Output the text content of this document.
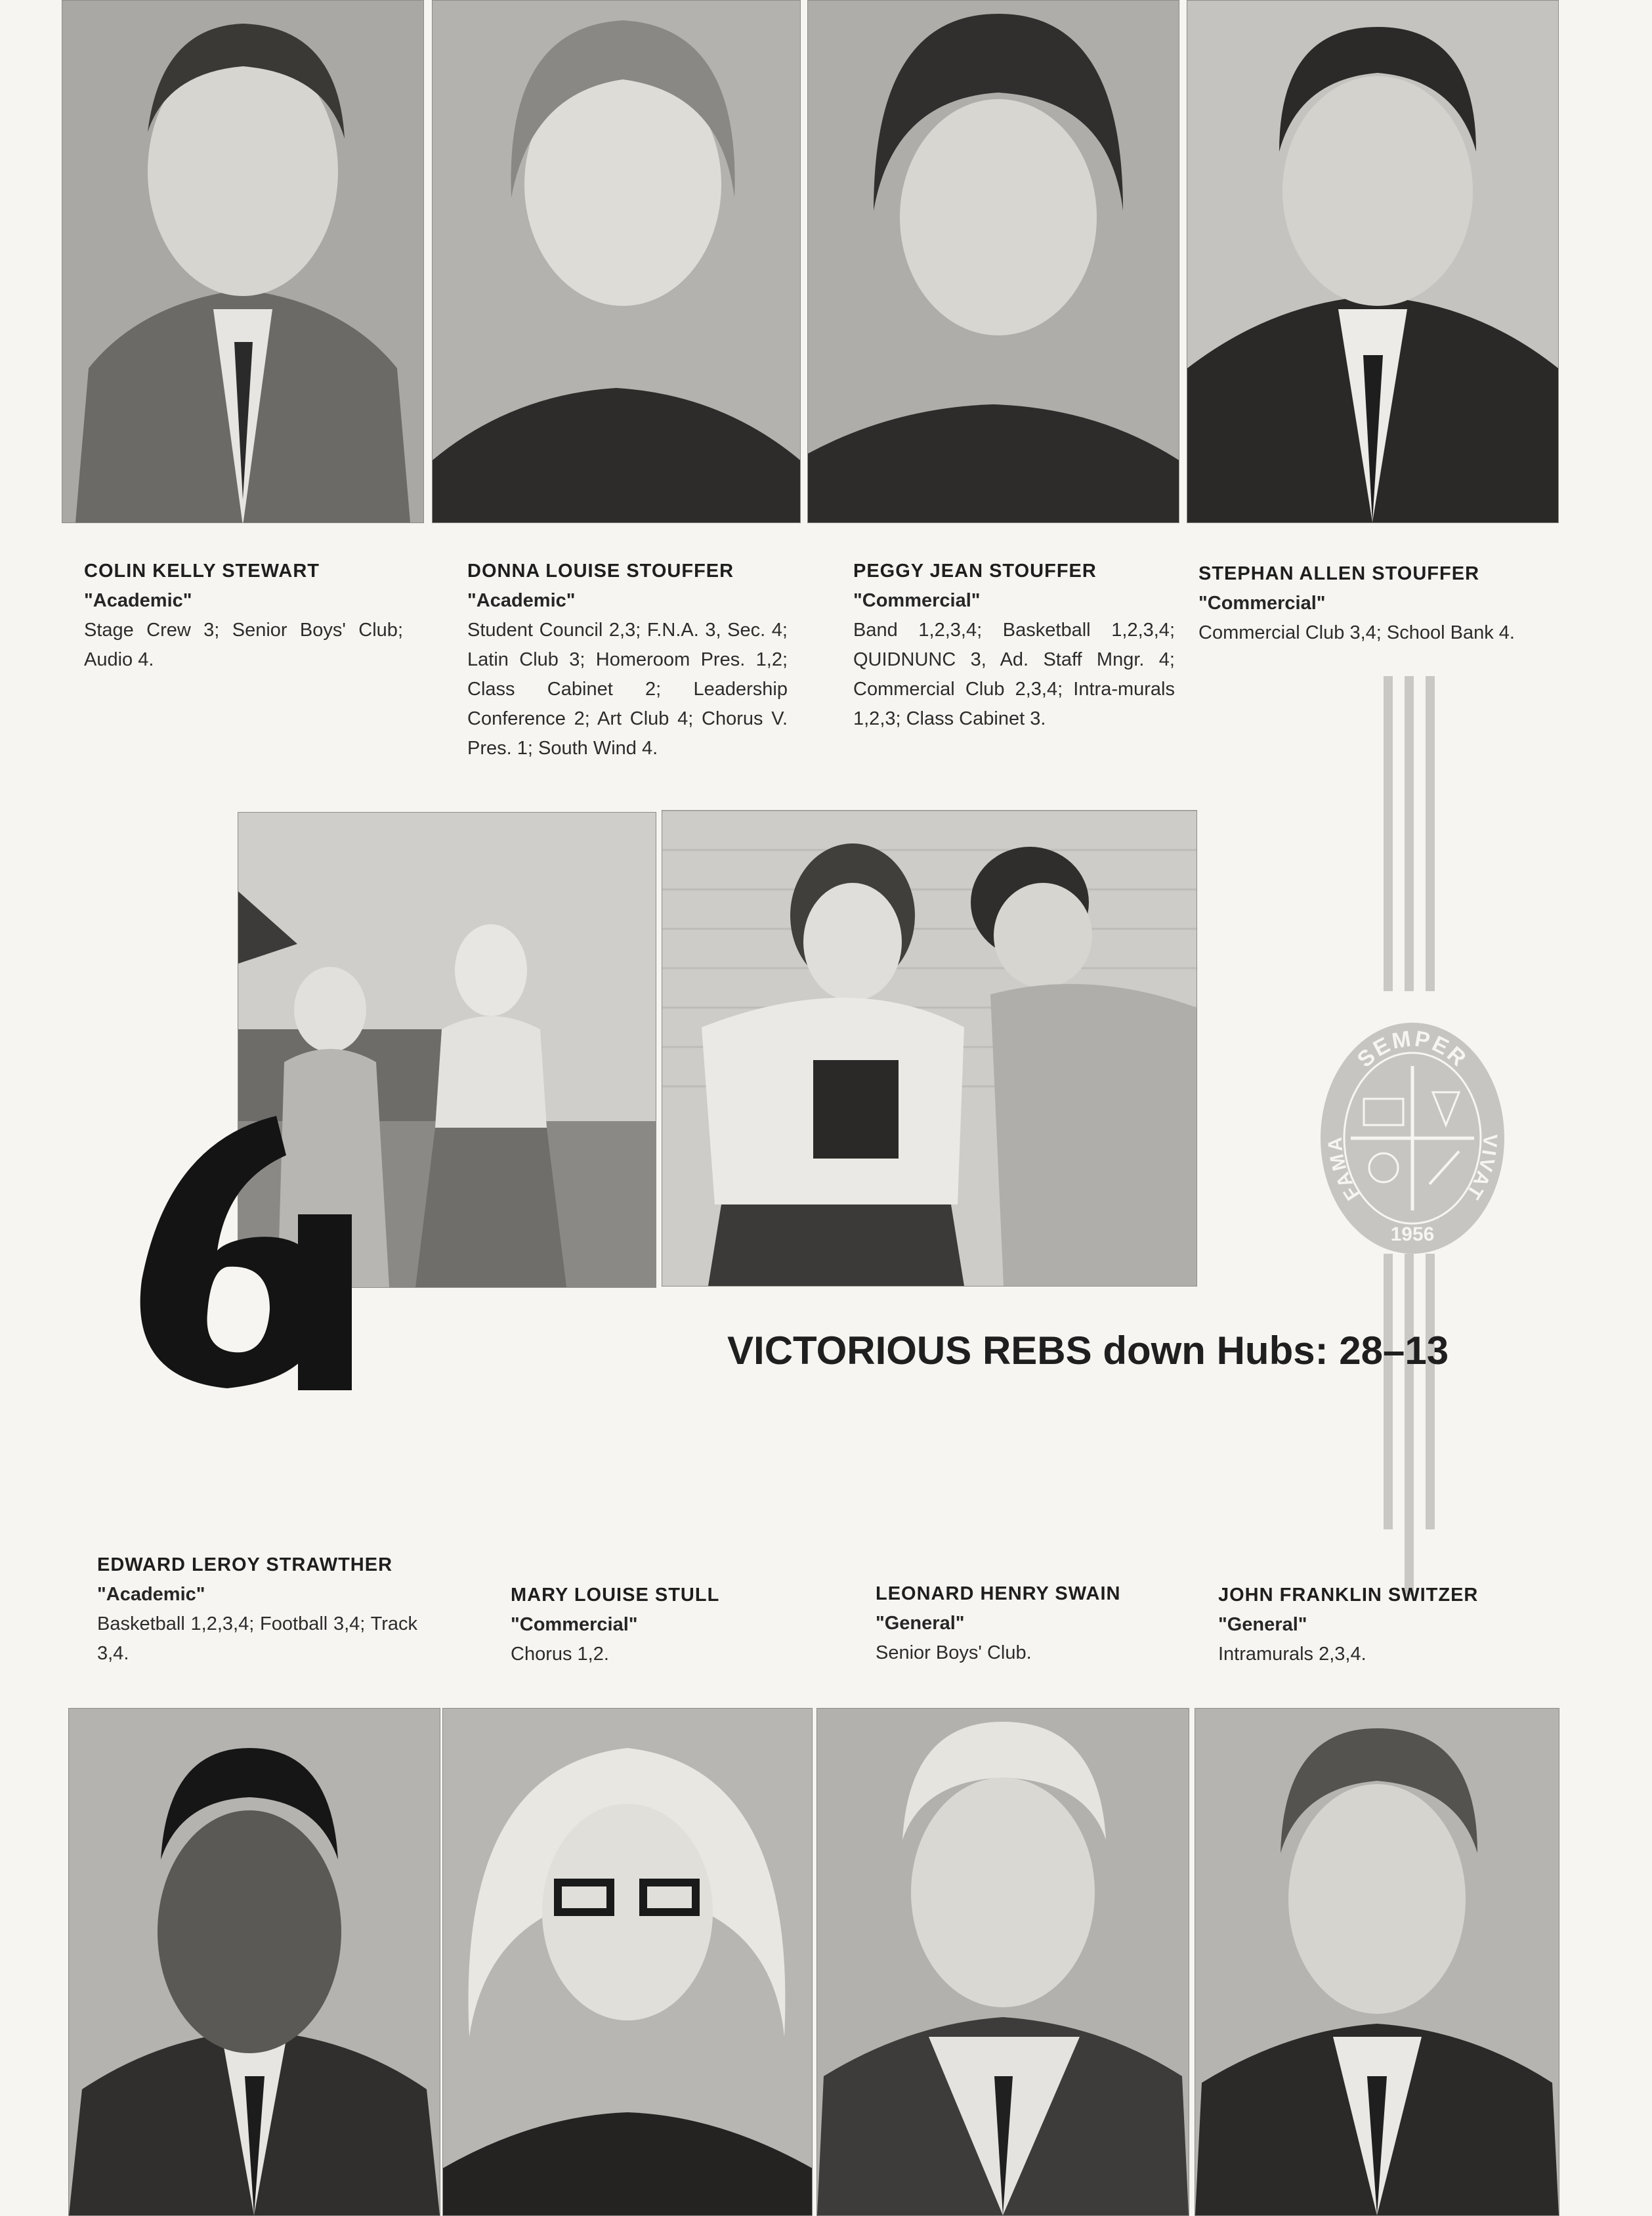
COLIN KELLY STEWART
"Academic"
Stage Crew 3; Senior Boys' Club; Audio 4.
DONNA LOUISE STOUFFER
"Academic"
Student Council 2,3; F.N.A. 3, Sec. 4; Latin Club 3; Homeroom Pres. 1,2; Class Cabinet 2; Leadership Conference 2; Art Club 4; Chorus V. Pres. 1; South Wind 4.
PEGGY JEAN STOUFFER
"Commercial"
Band 1,2,3,4; Basketball 1,2,3,4; QUIDNUNC 3, Ad. Staff Mngr. 4; Commercial Club 2,3,4; Intra-murals 1,2,3; Class Cabinet 3.
STEPHAN ALLEN STOUFFER
"Commercial"
Commercial Club 3,4; School Bank 4.
SEMPER
FAMA	VIVAT
1956
VICTORIOUS REBS down Hubs: 28–13
EDWARD LEROY STRAWTHER
"Academic"
Basketball 1,2,3,4; Football 3,4; Track 3,4.
MARY LOUISE STULL
"Commercial"
Chorus 1,2.
LEONARD HENRY SWAIN
"General"
Senior Boys' Club.
JOHN FRANKLIN SWITZER
"General"
Intramurals 2,3,4.
